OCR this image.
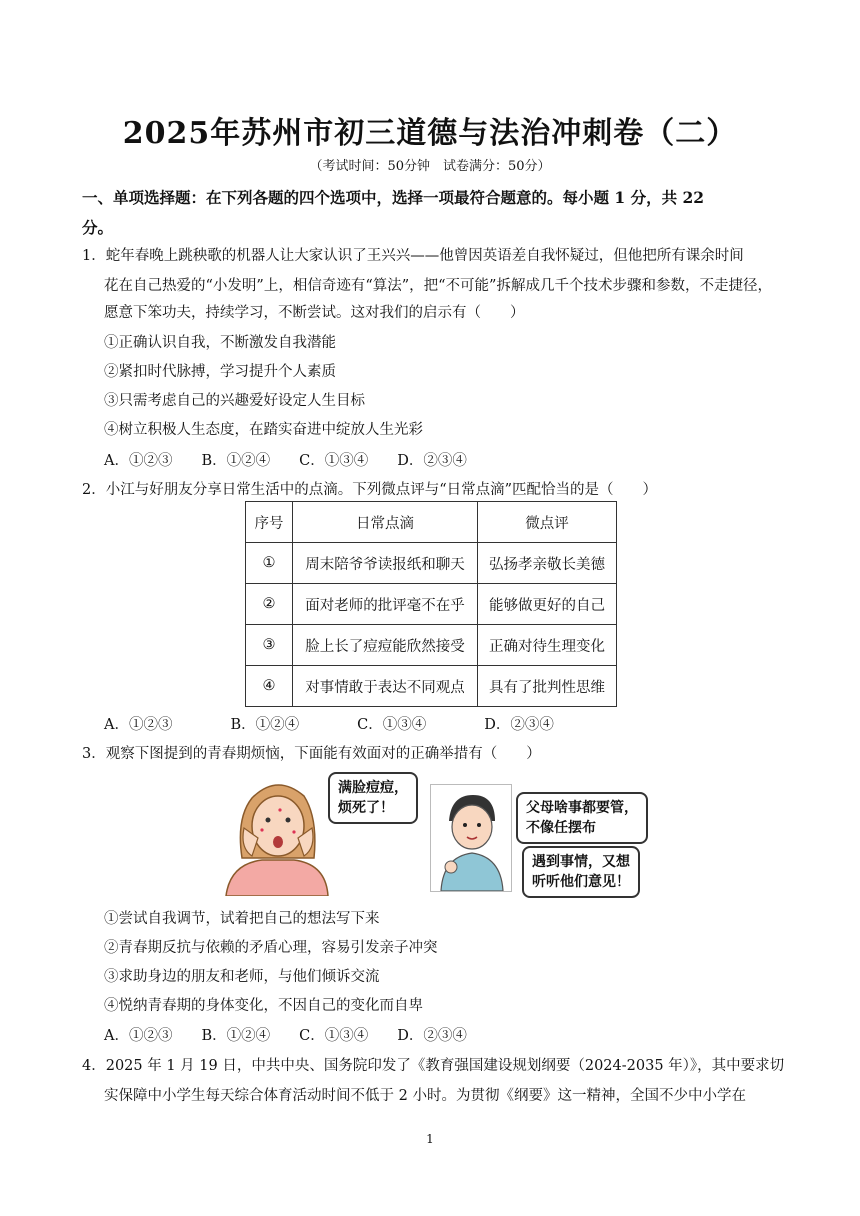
2025年苏州市初三道德与法治冲刺卷（二）
（考试时间：50分钟　试卷满分：50分）
一、单项选择题：在下列各题的四个选项中，选择一项最符合题意的。每小题 1 分，共 22
分。
1．蛇年春晚上跳秧歌的机器人让大家认识了王兴兴——他曾因英语差自我怀疑过，但他把所有课余时间
花在自己热爱的“小发明”上，相信奇迹有“算法”，把“不可能”拆解成几千个技术步骤和参数，不走捷径，
愿意下笨功夫，持续学习，不断尝试。这对我们的启示有（　　）
①正确认识自我，不断激发自我潜能
②紧扣时代脉搏，学习提升个人素质
③只需考虑自己的兴趣爱好设定人生目标
④树立积极人生态度，在踏实奋进中绽放人生光彩
A．①②③　　B．①②④　　C．①③④　　D．②③④
2．小江与好朋友分享日常生活中的点滴。下列微点评与“日常点滴”匹配恰当的是（　　）
序号	日常点滴	微点评
①	周末陪爷爷读报纸和聊天	弘扬孝亲敬长美德
②	面对老师的批评毫不在乎	能够做更好的自己
③	脸上长了痘痘能欣然接受	正确对待生理变化
④	对事情敢于表达不同观点	具有了批判性思维
A．①②③　　　　B．①②④　　　　C．①③④　　　　D．②③④
3．观察下图提到的青春期烦恼，下面能有效面对的正确举措有（　　）
满脸痘痘，
烦死了！	父母啥事都要管，
不像任摆布
遇到事情，又想
听听他们意见！
①尝试自我调节，试着把自己的想法写下来
②青春期反抗与依赖的矛盾心理，容易引发亲子冲突
③求助身边的朋友和老师，与他们倾诉交流
④悦纳青春期的身体变化，不因自己的变化而自卑
A．①②③　　B．①②④　　C．①③④　　D．②③④
4．2025 年 1 月 19 日，中共中央、国务院印发了《教育强国建设规划纲要（2024-2035 年）》，其中要求切
实保障中小学生每天综合体育活动时间不低于 2 小时。为贯彻《纲要》这一精神，全国不少中小学在
1
